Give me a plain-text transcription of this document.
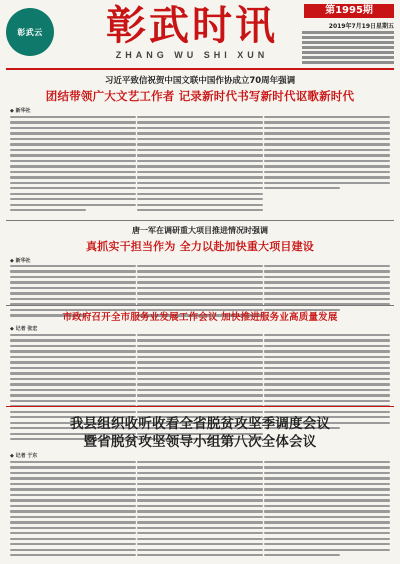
彰武云	彰武时讯
ZHANG WU SHI XUN
第1995期
2019年7月19日星期五
习近平致信祝贺中国文联中国作协成立70周年强调
团结带领广大文艺工作者 记录新时代书写新时代讴歌新时代
◆ 新华社
唐一军在调研重大项目推进情况时强调
真抓实干担当作为 全力以赴加快重大项目建设
◆ 新华社
市政府召开全市服务业发展工作会议 加快推进服务业高质量发展
◆ 记者 张宏
我县组织收听收看全省脱贫攻坚季调度会议
暨省脱贫攻坚领导小组第八次全体会议
◆ 记者 于东
